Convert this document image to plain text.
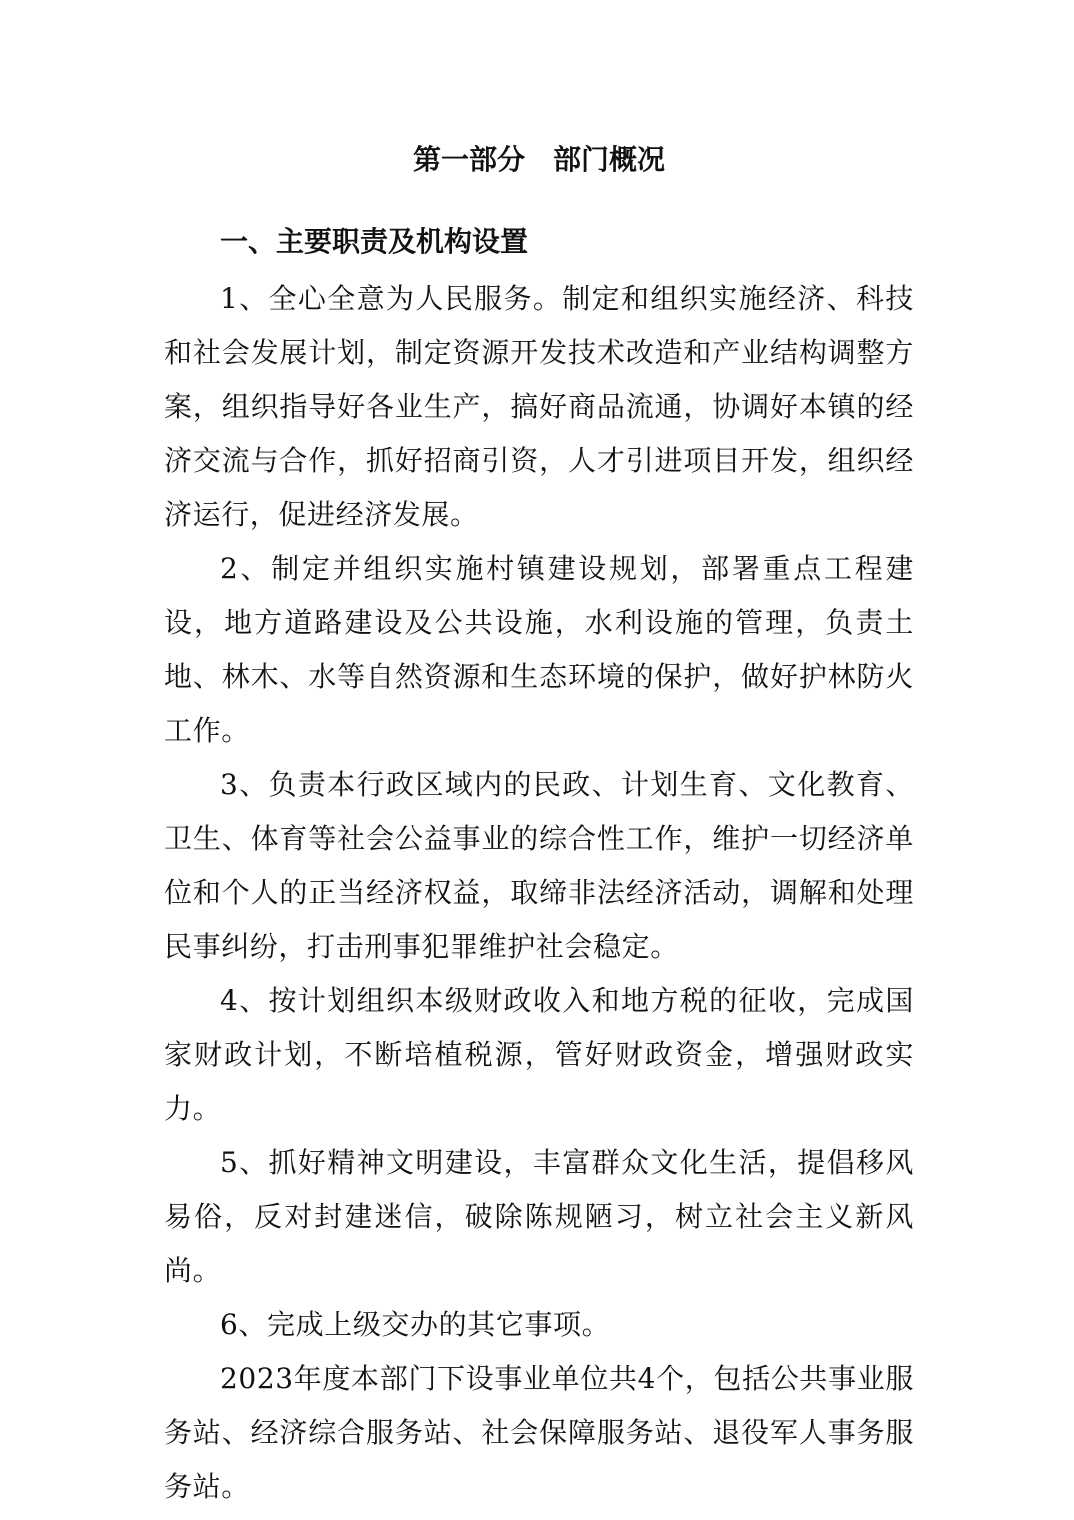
第一部分　部门概况
一、主要职责及机构设置

1、全心全意为人民服务。制定和组织实施经济、科技和社会发展计划，制定资源开发技术改造和产业结构调整方案，组织指导好各业生产，搞好商品流通，协调好本镇的经济交流与合作，抓好招商引资，人才引进项目开发，组织经济运行，促进经济发展。

2、制定并组织实施村镇建设规划，部署重点工程建设，地方道路建设及公共设施，水利设施的管理，负责土地、林木、水等自然资源和生态环境的保护，做好护林防火工作。

3、负责本行政区域内的民政、计划生育、文化教育、卫生、体育等社会公益事业的综合性工作，维护一切经济单位和个人的正当经济权益，取缔非法经济活动，调解和处理民事纠纷，打击刑事犯罪维护社会稳定。

4、按计划组织本级财政收入和地方税的征收，完成国家财政计划，不断培植税源，管好财政资金，增强财政实力。

5、抓好精神文明建设，丰富群众文化生活，提倡移风易俗，反对封建迷信，破除陈规陋习，树立社会主义新风尚。

6、完成上级交办的其它事项。

2023年度本部门下设事业单位共4个，包括公共事业服务站、经济综合服务站、社会保障服务站、退役军人事务服务站。
